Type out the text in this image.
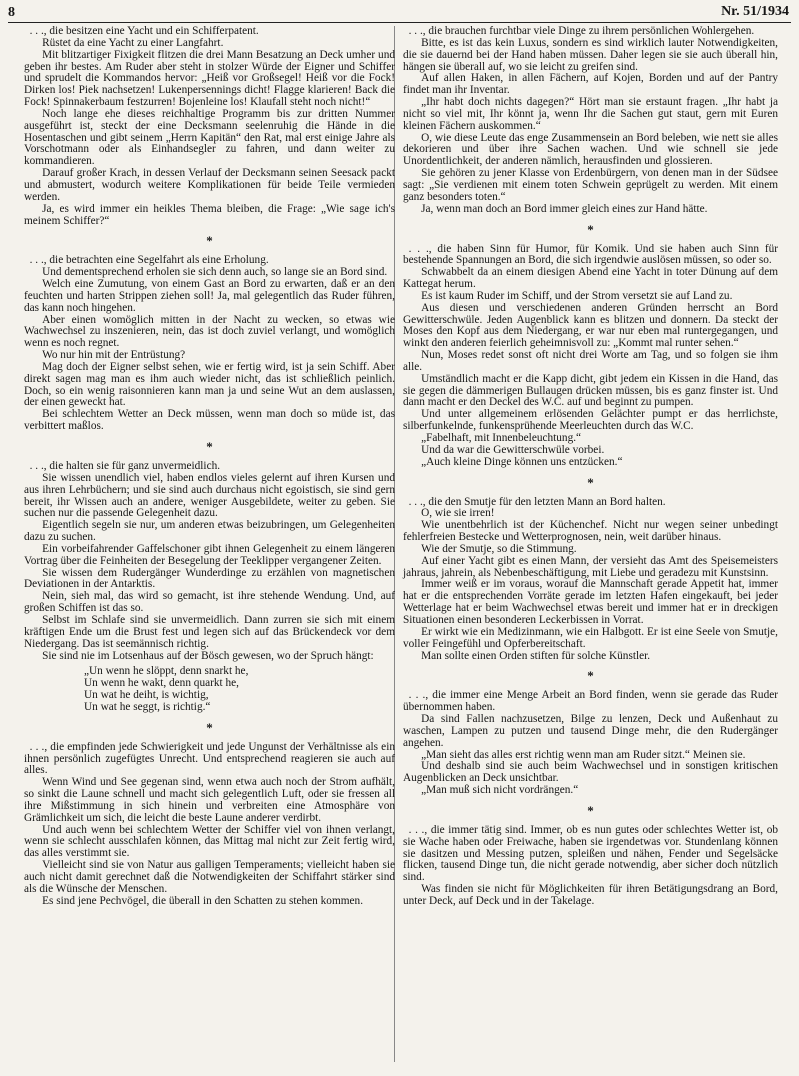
8	Nr. 51/1934

. . ., die besitzen eine Yacht und ein Schifferpatent.

Rüstet da eine Yacht zu einer Langfahrt.

Mit blitzartiger Fixigkeit flitzen die drei Mann Besatzung an Deck umher und geben ihr bestes. Am Ruder aber steht in stolzer Würde der Eigner und Schiffer und sprudelt die Kommandos hervor: „Heiß vor Großsegel! Heiß vor die Fock! Dirken los! Piek nachsetzen! Lukenpersennings dicht! Flagge klarieren! Back die Fock! Spinnakerbaum festzurren! Bojenleine los! Klaufall steht noch nicht!“

Noch lange ehe dieses reichhaltige Programm bis zur dritten Nummer ausgeführt ist, steckt der eine Decksmann seelenruhig die Hände in die Hosentaschen und gibt seinem „Herrn Kapitän“ den Rat, mal erst einige Jahre als Vorschotmann oder als Einhandsegler zu fahren, und dann weiter zu kommandieren.

Darauf großer Krach, in dessen Verlauf der Decksmann seinen Seesack packt und abmustert, wodurch weitere Komplikationen für beide Teile vermieden werden.

Ja, es wird immer ein heikles Thema bleiben, die Frage: „Wie sage ich's meinem Schiffer?“

*

. . ., die betrachten eine Segelfahrt als eine Erholung.

Und dementsprechend erholen sie sich denn auch, so lange sie an Bord sind.

Welch eine Zumutung, von einem Gast an Bord zu erwarten, daß er an den feuchten und harten Strippen ziehen soll! Ja, mal gelegentlich das Ruder führen, das kann noch hingehen.

Aber einen womöglich mitten in der Nacht zu wecken, so etwas wie Wachwechsel zu inszenieren, nein, das ist doch zuviel verlangt, und womöglich wenn es noch regnet.

Wo nur hin mit der Entrüstung?

Mag doch der Eigner selbst sehen, wie er fertig wird, ist ja sein Schiff. Aber direkt sagen mag man es ihm auch wieder nicht, das ist schließlich peinlich. Doch, so ein wenig raisonnieren kann man ja und seine Wut an dem auslassen, der einen geweckt hat.

Bei schlechtem Wetter an Deck müssen, wenn man doch so müde ist, das verbittert maßlos.

*

. . ., die halten sie für ganz unvermeidlich.

Sie wissen unendlich viel, haben endlos vieles gelernt auf ihren Kursen und aus ihren Lehrbüchern; und sie sind auch durchaus nicht egoistisch, sie sind gern bereit, ihr Wissen auch an andere, weniger Ausgebildete, weiter zu geben. Sie suchen nur die passende Gelegenheit dazu.

Eigentlich segeln sie nur, um anderen etwas beizubringen, um Gelegenheiten dazu zu suchen.

Ein vorbeifahrender Gaffelschoner gibt ihnen Gelegenheit zu einem längeren Vortrag über die Feinheiten der Besegelung der Teeklipper vergangener Zeiten.

Sie wissen dem Rudergänger Wunderdinge zu erzählen von magnetischen Deviationen in der Antarktis.

Nein, sieh mal, das wird so gemacht, ist ihre stehende Wendung. Und, auf großen Schiffen ist das so.

Selbst im Schlafe sind sie unvermeidlich. Dann zurren sie sich mit einem kräftigen Ende um die Brust fest und legen sich auf das Brückendeck vor dem Niedergang. Das ist seemännisch richtig.

Sie sind nie im Lotsenhaus auf der Bösch gewesen, wo der Spruch hängt:

„Un wenn he slöppt, denn snarkt he,

Un wenn he wakt, denn quarkt he,

Un wat he deiht, is wichtig,

Un wat he seggt, is richtig.“

*

. . ., die empfinden jede Schwierigkeit und jede Ungunst der Verhältnisse als ein ihnen persönlich zugefügtes Unrecht. Und entsprechend reagieren sie auch auf alles.

Wenn Wind und See gegenan sind, wenn etwa auch noch der Strom aufhält, so sinkt die Laune schnell und macht sich gelegentlich Luft, oder sie fressen all ihre Mißstimmung in sich hinein und verbreiten eine Atmosphäre von Grämlichkeit um sich, die leicht die beste Laune anderer verdirbt.

Und auch wenn bei schlechtem Wetter der Schiffer viel von ihnen verlangt, wenn sie schlecht ausschlafen können, das Mittag mal nicht zur Zeit fertig wird, das alles verstimmt sie.

Vielleicht sind sie von Natur aus galligen Temperaments; vielleicht haben sie auch nicht damit gerechnet daß die Notwendigkeiten der Schiffahrt stärker sind als die Wünsche der Menschen.

Es sind jene Pechvögel, die überall in den Schatten zu stehen kommen.

. . ., die brauchen furchtbar viele Dinge zu ihrem persönlichen Wohlergehen.

Bitte, es ist das kein Luxus, sondern es sind wirklich lauter Notwendigkeiten, die sie dauernd bei der Hand haben müssen. Daher legen sie sie auch überall hin, hängen sie überall auf, wo sie leicht zu greifen sind.

Auf allen Haken, in allen Fächern, auf Kojen, Borden und auf der Pantry findet man ihr Inventar.

„Ihr habt doch nichts dagegen?“ Hört man sie erstaunt fragen. „Ihr habt ja nicht so viel mit, Ihr könnt ja, wenn Ihr die Sachen gut staut, gern mit Euren kleinen Fächern auskommen.“

O, wie diese Leute das enge Zusammensein an Bord beleben, wie nett sie alles dekorieren und über ihre Sachen wachen. Und wie schnell sie jede Unordentlichkeit, der anderen nämlich, herausfinden und glossieren.

Sie gehören zu jener Klasse von Erdenbürgern, von denen man in der Südsee sagt: „Sie verdienen mit einem toten Schwein geprügelt zu werden. Mit einem ganz besonders toten.“

Ja, wenn man doch an Bord immer gleich eines zur Hand hätte.

*

. . ., die haben Sinn für Humor, für Komik. Und sie haben auch Sinn für bestehende Spannungen an Bord, die sich irgendwie auslösen müssen, so oder so.

Schwabbelt da an einem diesigen Abend eine Yacht in toter Dünung auf dem Kattegat herum.

Es ist kaum Ruder im Schiff, und der Strom versetzt sie auf Land zu.

Aus diesen und verschiedenen anderen Gründen herrscht an Bord Gewitterschwüle. Jeden Augenblick kann es blitzen und donnern. Da steckt der Moses den Kopf aus dem Niedergang, er war nur eben mal runtergegangen, und winkt den anderen feierlich geheimnisvoll zu: „Kommt mal runter sehen.“

Nun, Moses redet sonst oft nicht drei Worte am Tag, und so folgen sie ihm alle.

Umständlich macht er die Kapp dicht, gibt jedem ein Kissen in die Hand, das sie gegen die dämmerigen Bullaugen drücken müssen, bis es ganz finster ist. Und dann macht er den Deckel des W.C. auf und beginnt zu pumpen.

Und unter allgemeinem erlösenden Gelächter pumpt er das herrlichste, silberfunkelnde, funkensprühende Meerleuchten durch das W.C.

„Fabelhaft, mit Innenbeleuchtung.“

Und da war die Gewitterschwüle vorbei.

„Auch kleine Dinge können uns entzücken.“

*

. . ., die den Smutje für den letzten Mann an Bord halten.

O, wie sie irren!

Wie unentbehrlich ist der Küchenchef. Nicht nur wegen seiner unbedingt fehlerfreien Bestecke und Wetterprognosen, nein, weit darüber hinaus.

Wie der Smutje, so die Stimmung.

Auf einer Yacht gibt es einen Mann, der versieht das Amt des Speisemeisters jahraus, jahrein, als Nebenbeschäftigung, mit Liebe und geradezu mit Kunstsinn.

Immer weiß er im voraus, worauf die Mannschaft gerade Appetit hat, immer hat er die entsprechenden Vorräte gerade im letzten Hafen eingekauft, bei jeder Wetterlage hat er beim Wachwechsel etwas bereit und immer hat er in dreckigen Situationen einen besonderen Leckerbissen in Vorrat.

Er wirkt wie ein Medizinmann, wie ein Halbgott. Er ist eine Seele von Smutje, voller Feingefühl und Opferbereitschaft.

Man sollte einen Orden stiften für solche Künstler.

*

. . ., die immer eine Menge Arbeit an Bord finden, wenn sie gerade das Ruder übernommen haben.

Da sind Fallen nachzusetzen, Bilge zu lenzen, Deck und Außenhaut zu waschen, Lampen zu putzen und tausend Dinge mehr, die den Rudergänger angehen.

„Man sieht das alles erst richtig wenn man am Ruder sitzt.“ Meinen sie.

Und deshalb sind sie auch beim Wachwechsel und in sonstigen kritischen Augenblicken an Deck unsichtbar.

„Man muß sich nicht vordrängen.“

*

. . ., die immer tätig sind. Immer, ob es nun gutes oder schlechtes Wetter ist, ob sie Wache haben oder Freiwache, haben sie irgendetwas vor. Stundenlang können sie dasitzen und Messing putzen, spleißen und nähen, Fender und Segelsäcke flicken, tausend Dinge tun, die nicht gerade notwendig, aber sicher doch nützlich sind.

Was finden sie nicht für Möglichkeiten für ihren Betätigungsdrang an Bord, unter Deck, auf Deck und in der Takelage.
